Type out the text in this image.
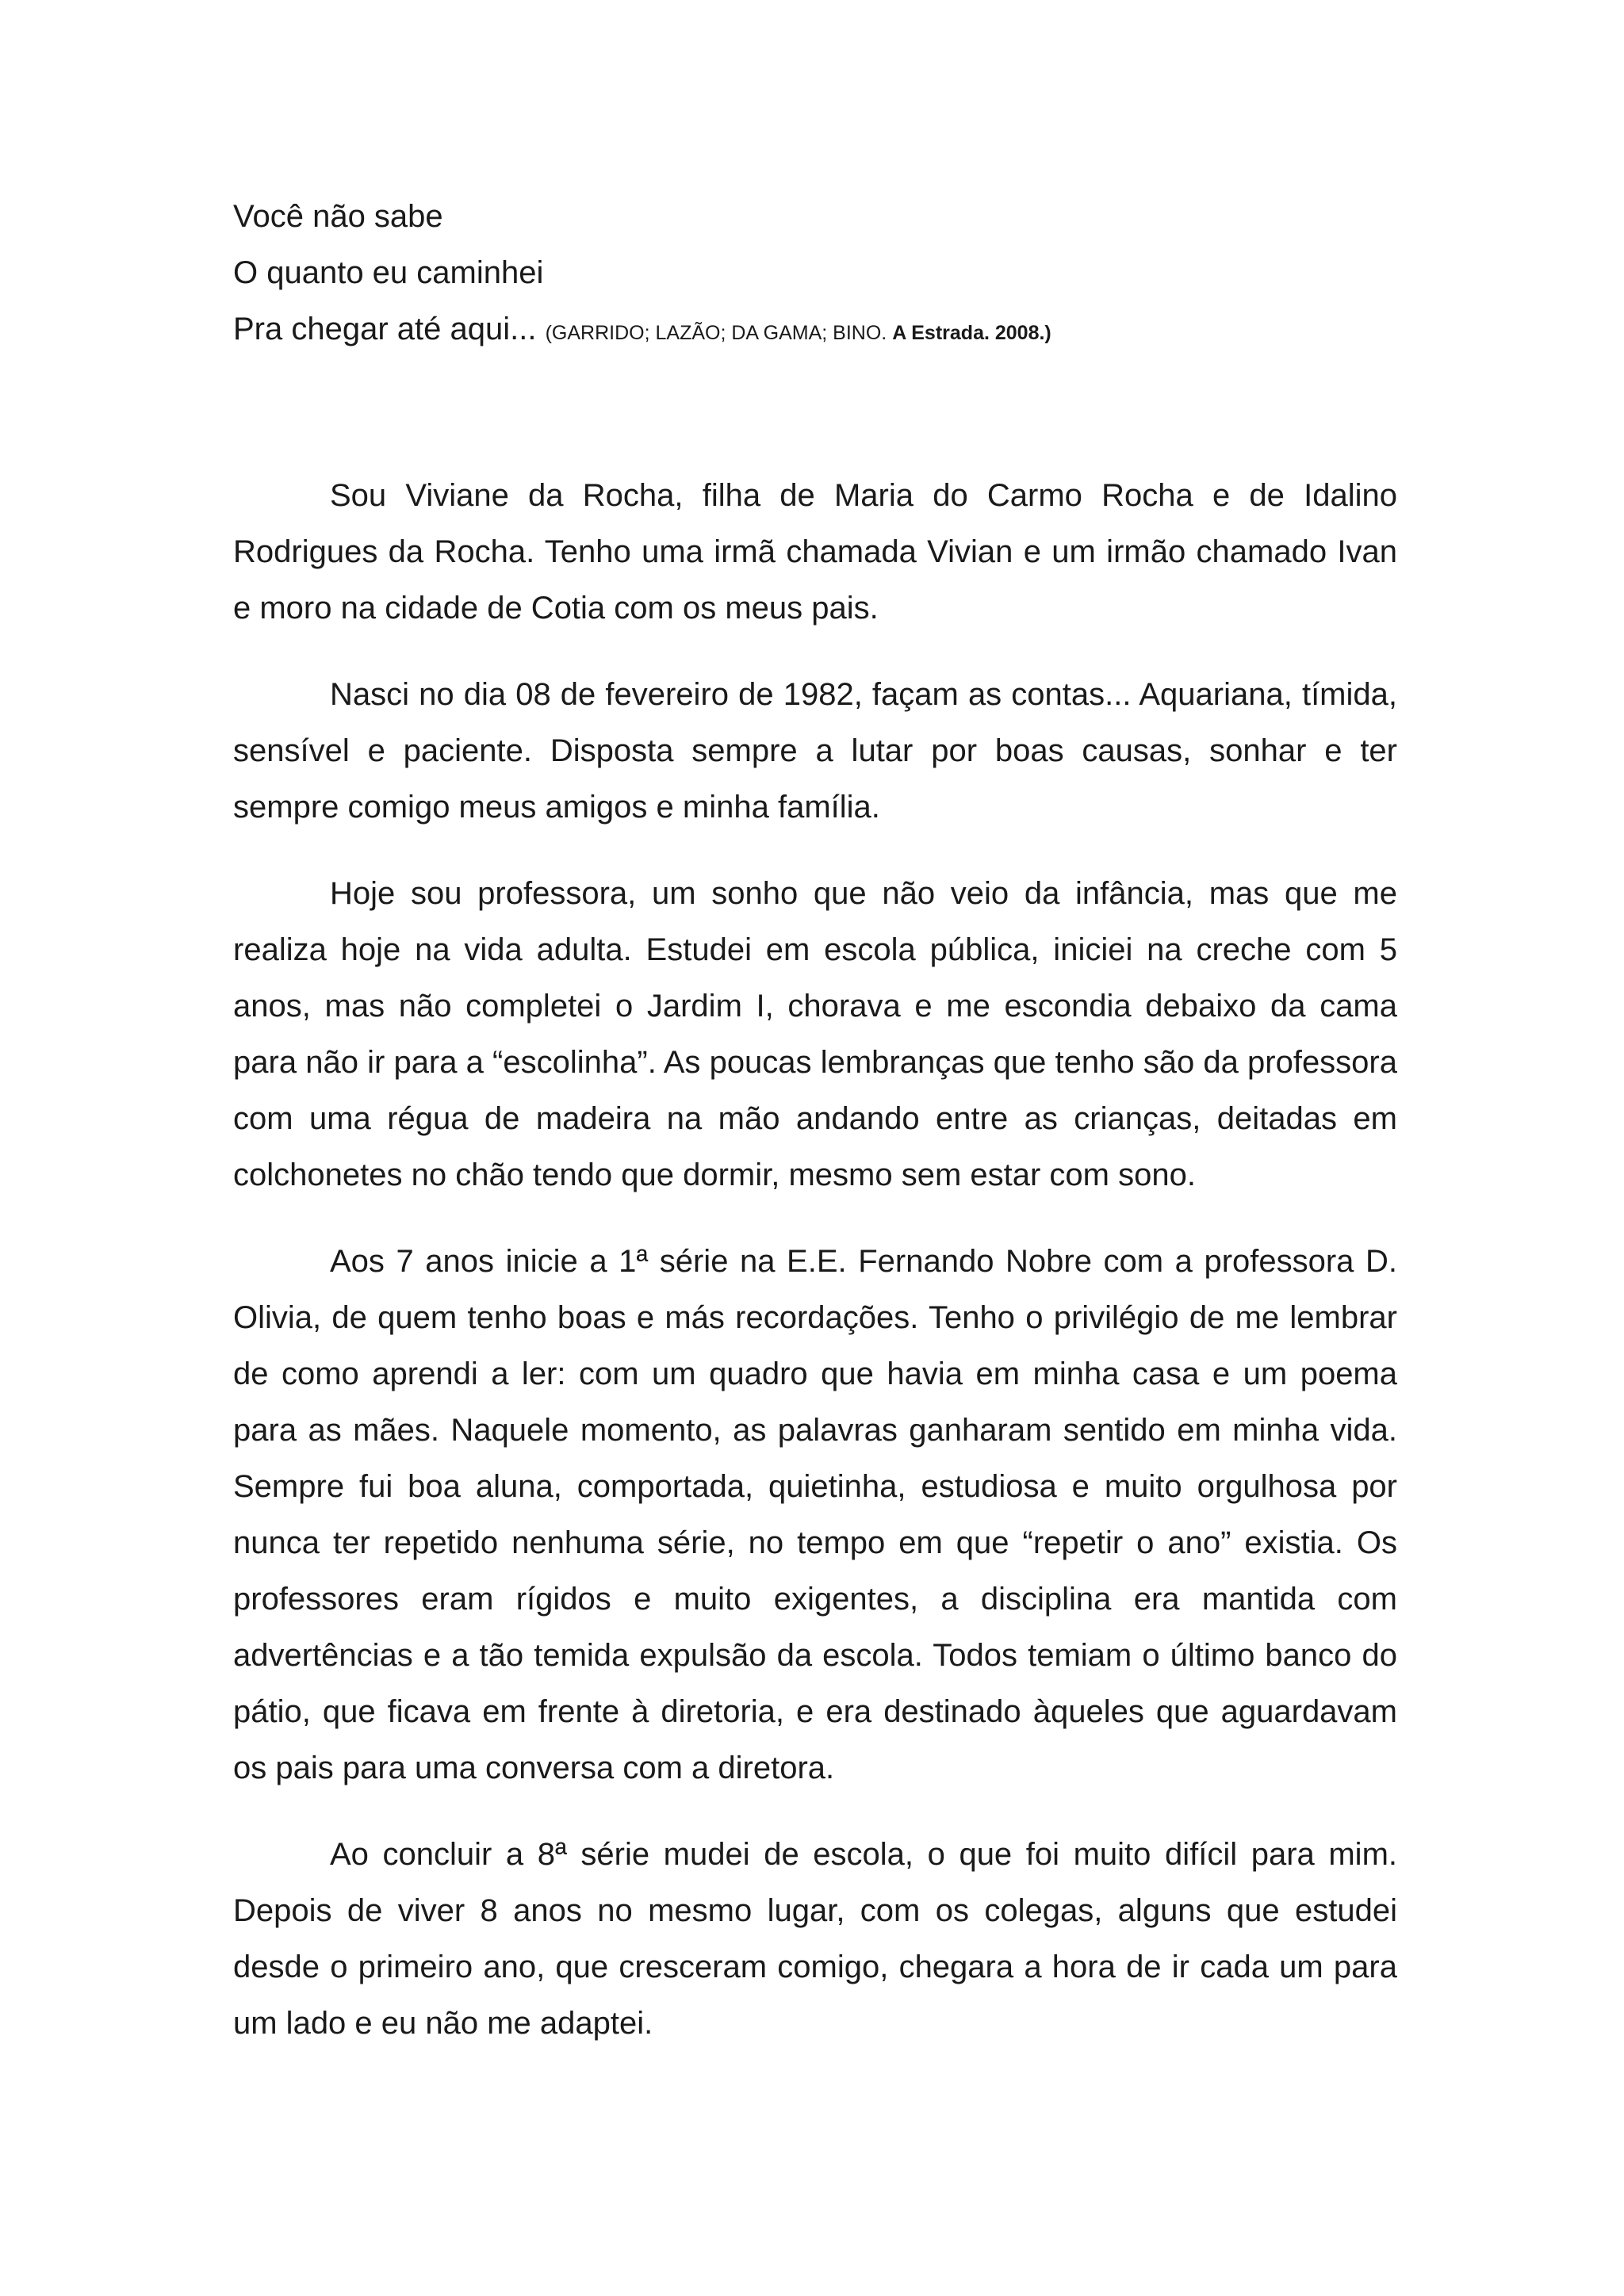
Você não sabe
O quanto eu caminhei
Pra chegar até aqui... (GARRIDO; LAZÃO; DA GAMA; BINO. A Estrada. 2008.)

Sou Viviane da Rocha, filha de Maria do Carmo Rocha e de Idalino Rodrigues da Rocha. Tenho uma irmã chamada Vivian e um irmão chamado Ivan e moro na cidade de Cotia com os meus pais.

Nasci no dia 08 de fevereiro de 1982, façam as contas... Aquariana, tímida, sensível e paciente. Disposta sempre a lutar por boas causas, sonhar e ter sempre comigo meus amigos e minha família.

Hoje sou professora, um sonho que não veio da infância, mas que me realiza hoje na vida adulta. Estudei em escola pública, iniciei na creche com 5 anos, mas não completei o Jardim I, chorava e me escondia debaixo da cama para não ir para a “escolinha”. As poucas lembranças que tenho são da professora com uma régua de madeira na mão andando entre as crianças, deitadas em colchonetes no chão tendo que dormir, mesmo sem estar com sono.

Aos 7 anos inicie a 1ª série na E.E. Fernando Nobre com a professora D. Olivia, de quem tenho boas e más recordações. Tenho o privilégio de me lembrar de como aprendi a ler: com um quadro que havia em minha casa e um poema para as mães. Naquele momento, as palavras ganharam sentido em minha vida. Sempre fui boa aluna, comportada, quietinha, estudiosa e muito orgulhosa por nunca ter repetido nenhuma série, no tempo em que “repetir o ano” existia. Os professores eram rígidos e muito exigentes, a disciplina era mantida com advertências e a tão temida expulsão da escola. Todos temiam o último banco do pátio, que ficava em frente à diretoria, e era destinado àqueles que aguardavam os pais para uma conversa com a diretora.

Ao concluir a 8ª série mudei de escola, o que foi muito difícil para mim. Depois de viver 8 anos no mesmo lugar, com os colegas, alguns que estudei desde o primeiro ano, que cresceram comigo, chegara a hora de ir cada um para um lado e eu não me adaptei.
